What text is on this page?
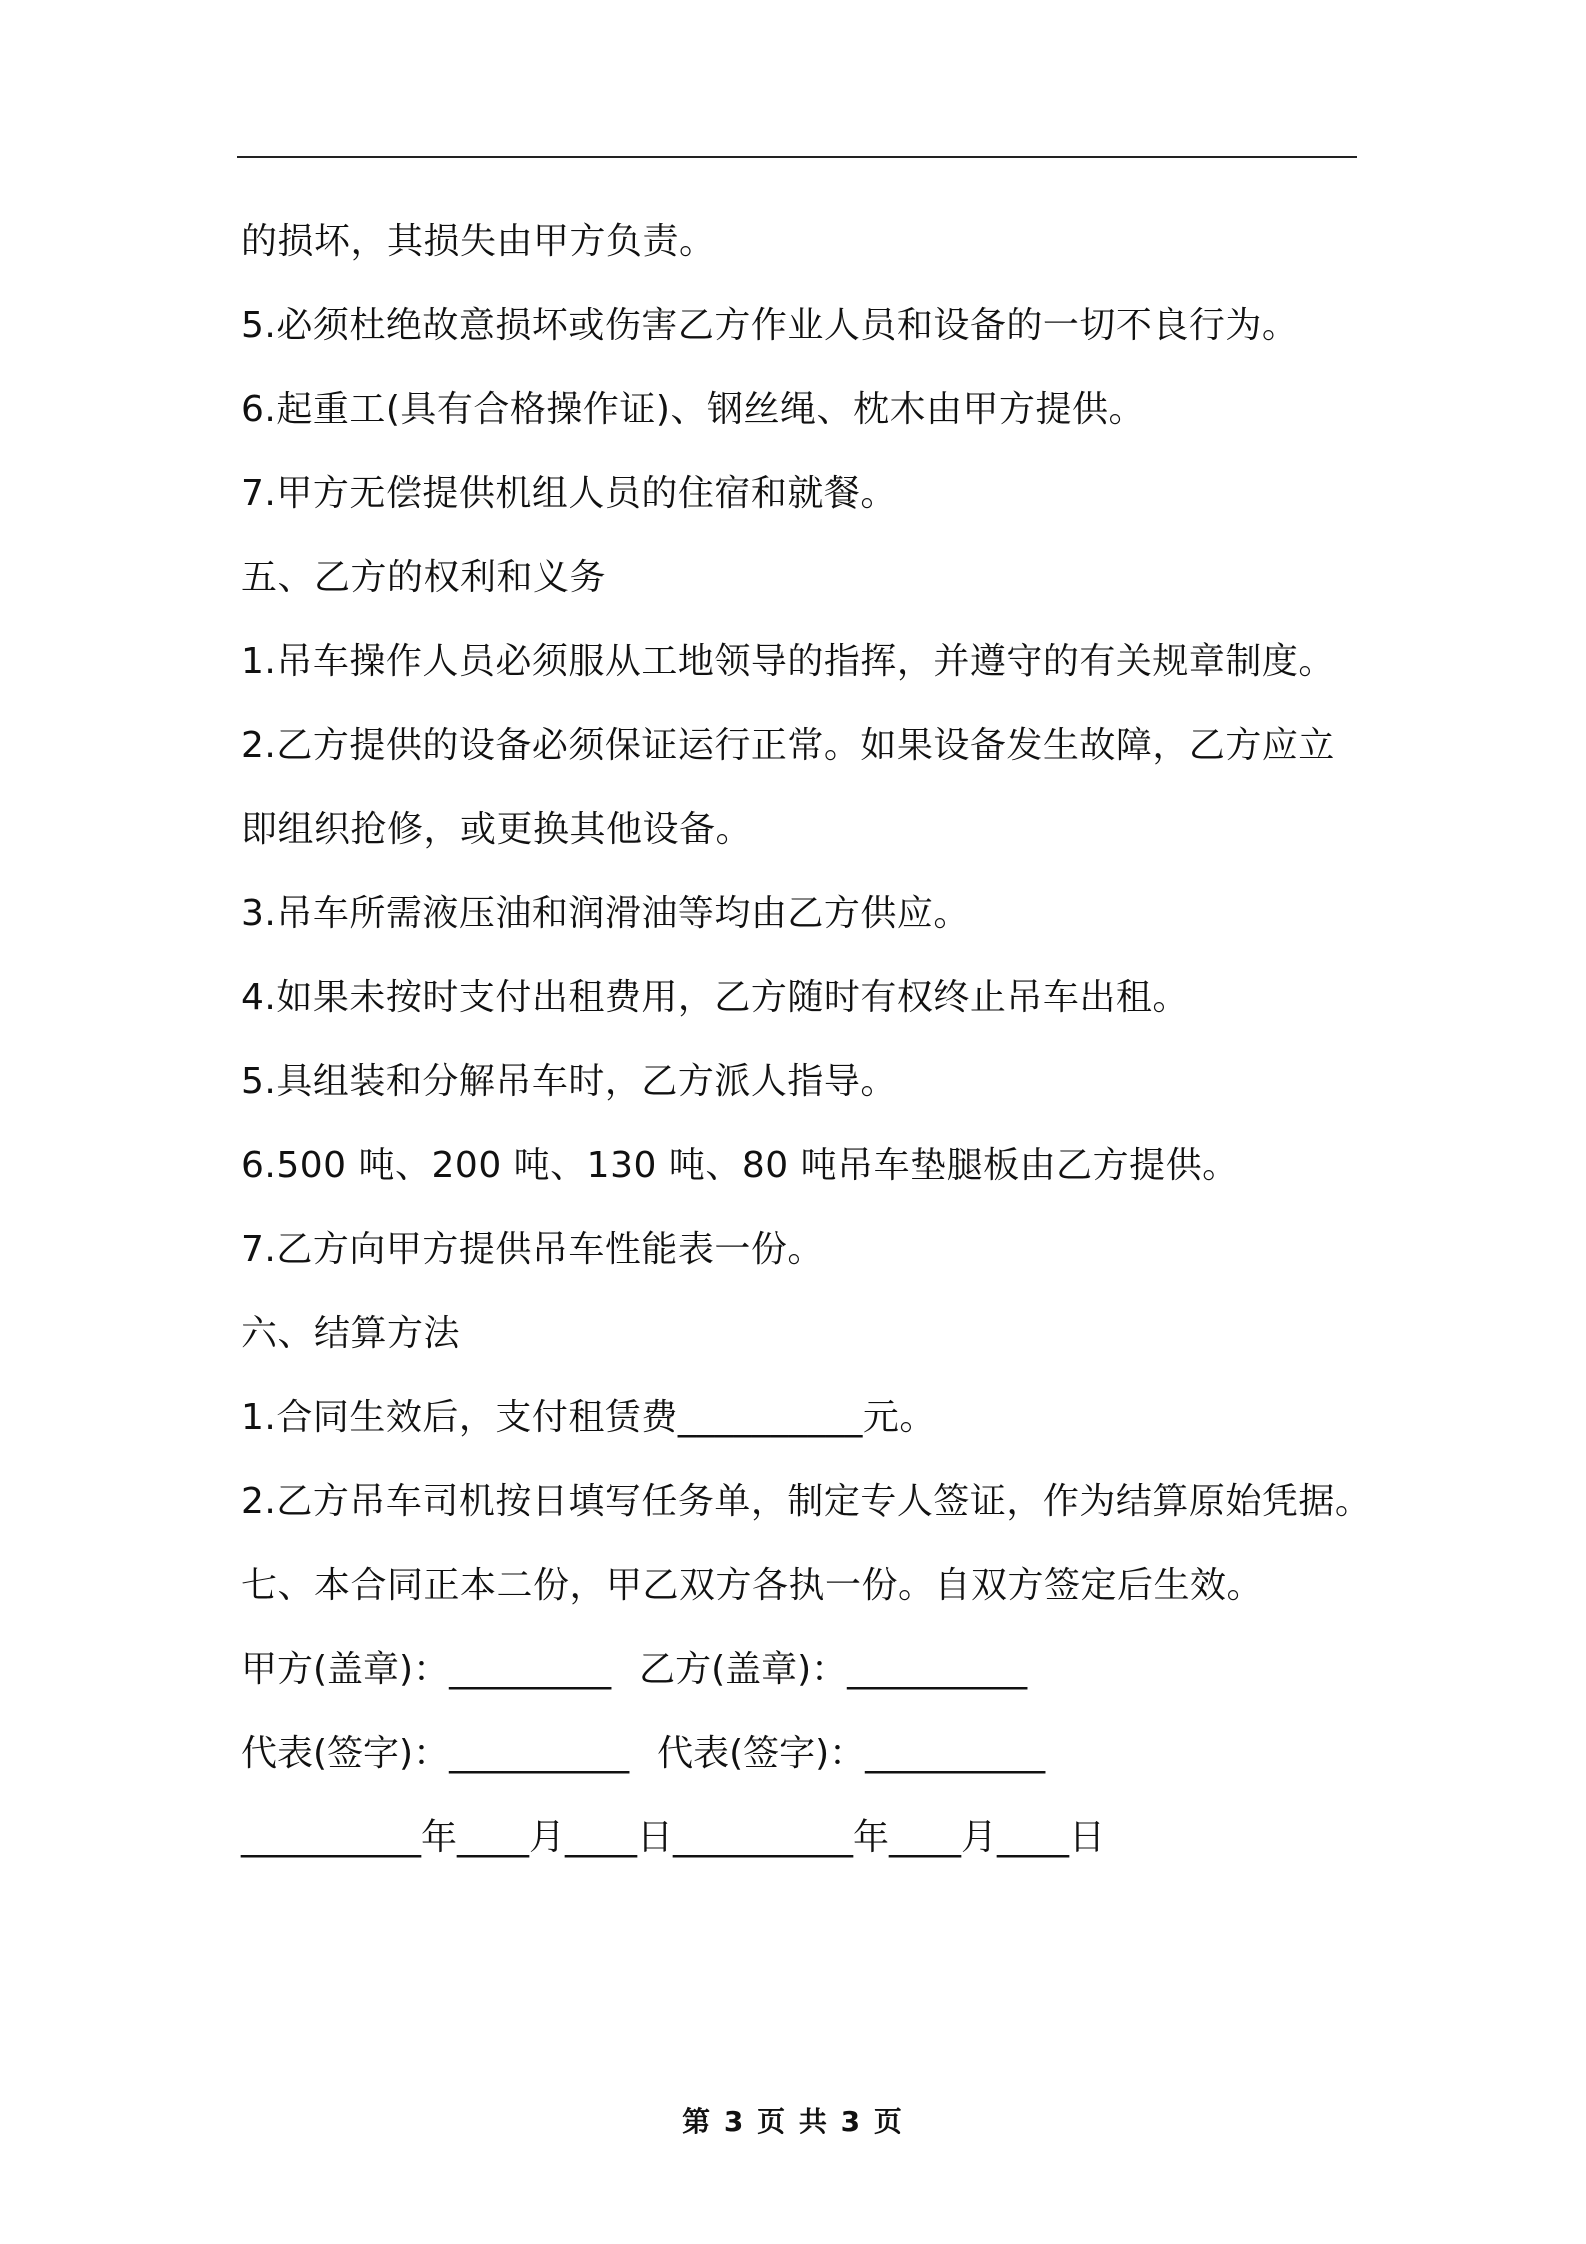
的损坏，其损失由甲方负责。
5.必须杜绝故意损坏或伤害乙方作业人员和设备的一切不良行为。
6.起重工(具有合格操作证)、钢丝绳、枕木由甲方提供。
7.甲方无偿提供机组人员的住宿和就餐。
五、乙方的权利和义务
1.吊车操作人员必须服从工地领导的指挥，并遵守的有关规章制度。
2.乙方提供的设备必须保证运行正常。如果设备发生故障，乙方应立
即组织抢修，或更换其他设备。
3.吊车所需液压油和润滑油等均由乙方供应。
4.如果未按时支付出租费用，乙方随时有权终止吊车出租。
5.具组装和分解吊车时，乙方派人指导。
6.500 吨、200 吨、130 吨、80 吨吊车垫腿板由乙方提供。
7.乙方向甲方提供吊车性能表一份。
六、结算方法
1.合同生效后，支付租赁费__________元。
2.乙方吊车司机按日填写任务单，制定专人签证，作为结算原始凭据。
七、本合同正本二份，甲乙双方各执一份。自双方签定后生效。
甲方(盖章)：_________ 乙方(盖章)：__________
代表(签字)：__________ 代表(签字)：__________
__________年____月____日__________年____月____日
第 3 页 共 3 页
